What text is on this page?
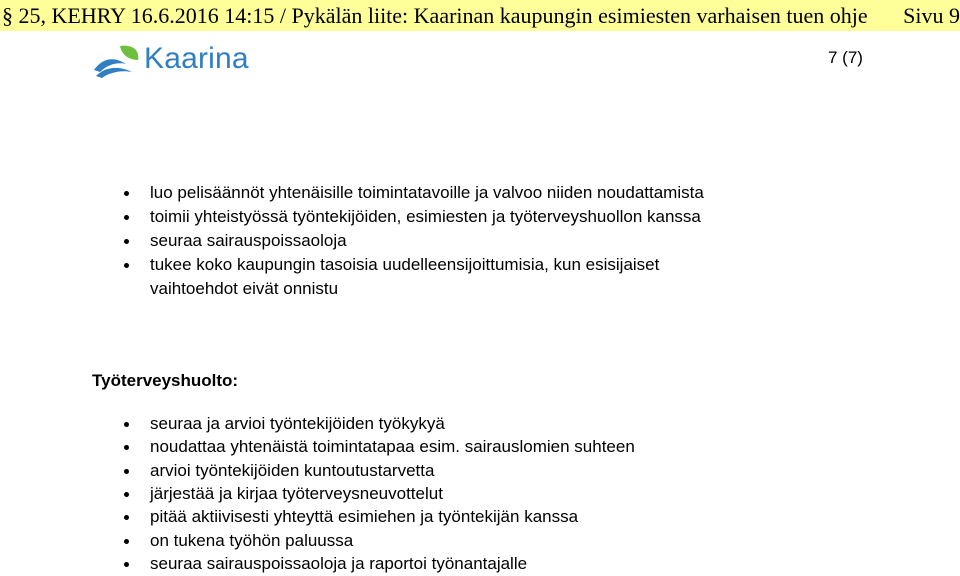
§ 25, KEHRY 16.6.2016 14:15 / Pykälän liite: Kaarinan kaupungin esimiesten varhaisen tuen ohje Sivu 9
Kaarina	7 (7)
luo pelisäännöt yhtenäisille toimintatavoille ja valvoo niiden noudattamista
toimii yhteistyössä työntekijöiden, esimiesten ja työterveyshuollon kanssa
seuraa sairauspoissaoloja
tukee koko kaupungin tasoisia uudelleensijoittumisia, kun esisijaiset
vaihtoehdot eivät onnistu
Työterveyshuolto:
seuraa ja arvioi työntekijöiden työkykyä
noudattaa yhtenäistä toimintatapaa esim. sairauslomien suhteen
arvioi työntekijöiden kuntoutustarvetta
järjestää ja kirjaa työterveysneuvottelut
pitää aktiivisesti yhteyttä esimiehen ja työntekijän kanssa
on tukena työhön paluussa
seuraa sairauspoissaoloja ja raportoi työnantajalle
